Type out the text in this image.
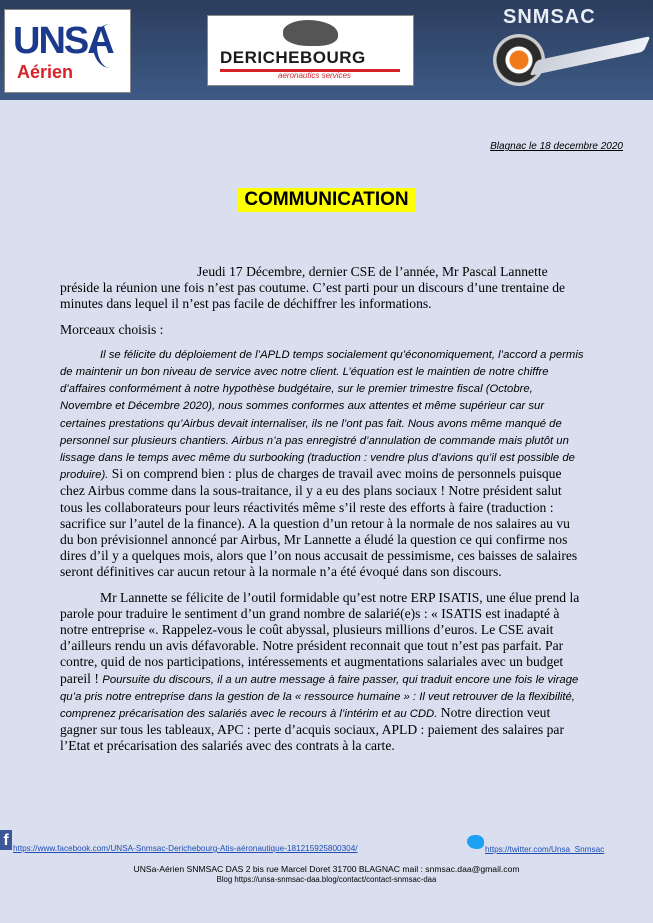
UNSA
Aérien
DERICHEBOURG
aeronautics services
SNMSAC
Blagnac le 18 decembre 2020
COMMUNICATION

Jeudi 17 Décembre, dernier CSE de l’année, Mr Pascal Lannette préside la réunion une fois n’est pas coutume. C’est parti pour un discours d’une trentaine de minutes dans lequel il n’est pas facile de déchiffrer les informations.

Morceaux choisis :

Il se félicite du déploiement de l’APLD temps socialement qu’économiquement, l’accord a permis de maintenir un bon niveau de service avec notre client. L’équation est le maintien de notre chiffre d’affaires conformément à notre hypothèse budgétaire, sur le premier trimestre fiscal (Octobre, Novembre et Décembre 2020), nous sommes conformes aux attentes et même supérieur car sur certaines prestations qu’Airbus devait internaliser, ils ne l’ont pas fait. Nous avons même manqué de personnel sur plusieurs chantiers. Airbus n’a pas enregistré d’annulation de commande mais plutôt un lissage dans le temps avec même du surbooking (traduction : vendre plus d’avions qu’il est possible de produire). Si on comprend bien : plus de charges de travail avec moins de personnels puisque chez Airbus comme dans la sous-traitance, il y a eu des plans sociaux ! Notre président salut tous les collaborateurs pour leurs réactivités même s’il reste des efforts à faire (traduction : sacrifice sur l’autel de la finance). A la question d’un retour à la normale de nos salaires au vu du bon prévisionnel annoncé par Airbus, Mr Lannette a éludé la question ce qui confirme nos dires d’il y a quelques mois, alors que l’on nous accusait de pessimisme, ces baisses de salaires seront définitives car aucun retour à la normale n’a été évoqué dans son discours.

Mr Lannette se félicite de l’outil formidable qu’est notre ERP ISATIS, une élue prend la parole pour traduire le sentiment d’un grand nombre de salarié(e)s : « ISATIS est inadapté à notre entreprise «. Rappelez-vous le coût abyssal, plusieurs millions d’euros. Le CSE avait d’ailleurs rendu un avis défavorable. Notre président reconnait que tout n’est pas parfait. Par contre, quid de nos participations, intéressements et augmentations salariales avec un budget pareil ! Poursuite du discours, il a un autre message à faire passer, qui traduit encore une fois le virage qu’a pris notre entreprise dans la gestion de la « ressource humaine » : Il veut retrouver de la flexibilité, comprenez précarisation des salariés avec le recours à l’intérim et au CDD. Notre direction veut gagner sur tous les tableaux, APC : perte d’acquis sociaux, APLD : paiement des salaires par l’Etat et précarisation des salariés avec des contrats à la carte.

f https://www.facebook.com/UNSA-Snmsac-Derichebourg-Atis-aéronautique-181215925800304/	https://twitter.com/Unsa_Snmsac
UNSa-Aérien SNMSAC DAS 2 bis rue Marcel Doret 31700 BLAGNAC mail : snmsac.daa@gmail.com
Blog https://unsa-snmsac-daa.blog/contact/contact-snmsac-daa
